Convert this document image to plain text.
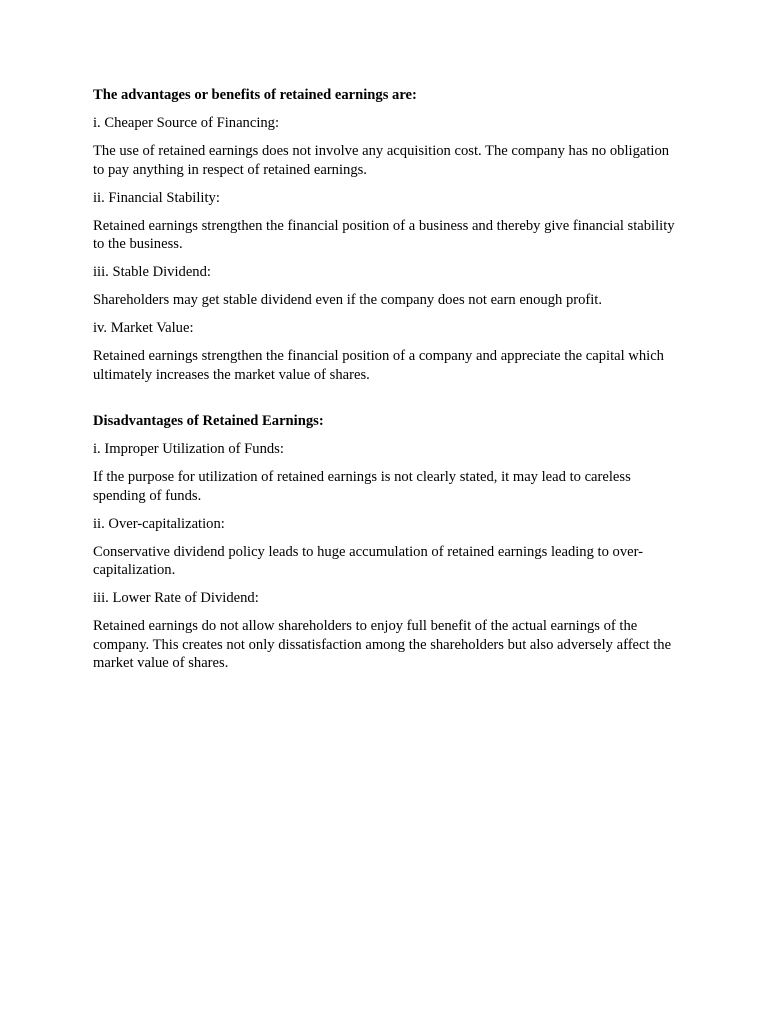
The advantages or benefits of retained earnings are:

i. Cheaper Source of Financing:

The use of retained earnings does not involve any acquisition cost. The company has no obligation to pay anything in respect of retained earnings.

ii. Financial Stability:

Retained earnings strengthen the financial position of a business and thereby give financial stability to the business.

iii. Stable Dividend:

Shareholders may get stable dividend even if the company does not earn enough profit.

iv. Market Value:

Retained earnings strengthen the financial position of a company and appreciate the capital which ultimately increases the market value of shares.

Disadvantages of Retained Earnings:

i. Improper Utilization of Funds:

If the purpose for utilization of retained earnings is not clearly stated, it may lead to careless spending of funds.

ii. Over-capitalization:

Conservative dividend policy leads to huge accumulation of retained earnings leading to over-capitalization.

iii. Lower Rate of Dividend:

Retained earnings do not allow shareholders to enjoy full benefit of the actual earnings of the company. This creates not only dissatisfaction among the shareholders but also adversely affect the market value of shares.
